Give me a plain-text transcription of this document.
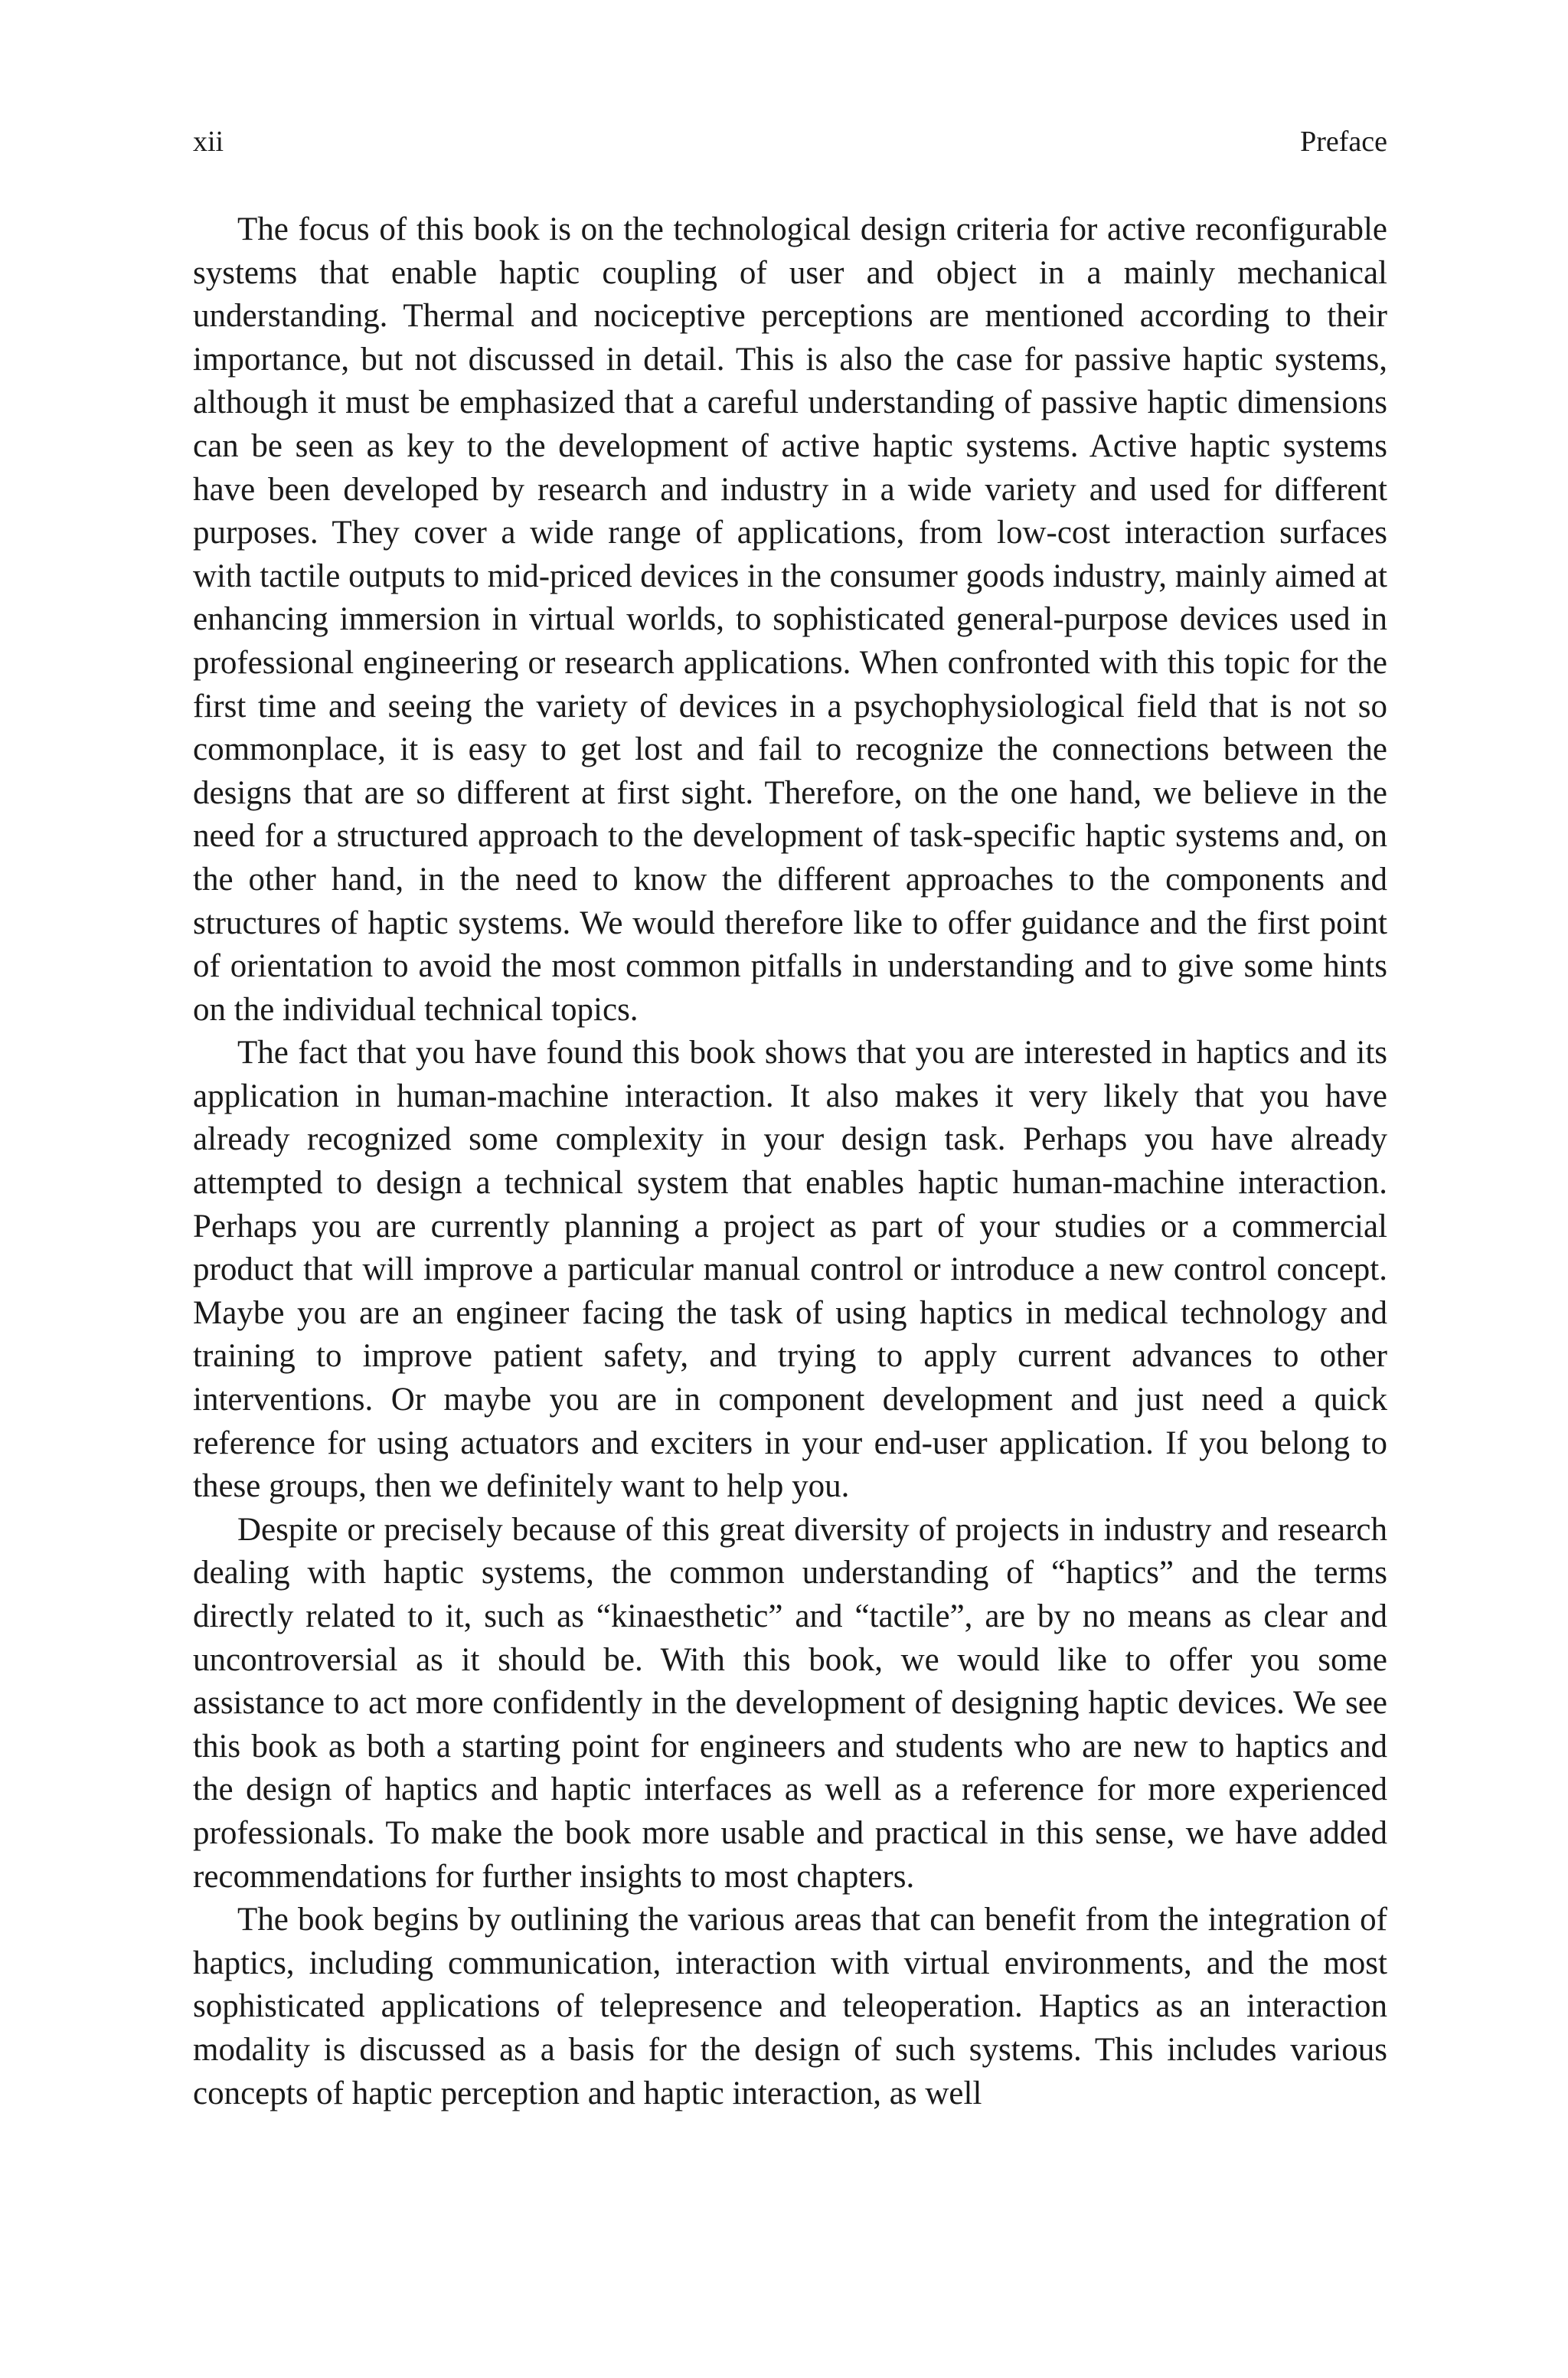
xii	Preface

The focus of this book is on the technological design criteria for active reconfigurable systems that enable haptic coupling of user and object in a mainly mechanical understanding. Thermal and nociceptive perceptions are mentioned according to their importance, but not discussed in detail. This is also the case for passive haptic systems, although it must be emphasized that a careful understanding of passive haptic dimensions can be seen as key to the development of active haptic systems. Active haptic systems have been developed by research and industry in a wide variety and used for different purposes. They cover a wide range of applications, from low-cost interaction surfaces with tactile outputs to mid-priced devices in the consumer goods industry, mainly aimed at enhancing immersion in virtual worlds, to sophisticated general-purpose devices used in professional engineering or research applications. When confronted with this topic for the first time and seeing the variety of devices in a psychophysiological field that is not so commonplace, it is easy to get lost and fail to recognize the connections between the designs that are so different at first sight. Therefore, on the one hand, we believe in the need for a structured approach to the development of task-specific haptic systems and, on the other hand, in the need to know the different approaches to the components and structures of haptic systems. We would therefore like to offer guidance and the first point of orientation to avoid the most common pitfalls in understanding and to give some hints on the individual technical topics.

The fact that you have found this book shows that you are interested in haptics and its application in human-machine interaction. It also makes it very likely that you have already recognized some complexity in your design task. Perhaps you have already attempted to design a technical system that enables haptic human-machine interaction. Perhaps you are currently planning a project as part of your studies or a commercial product that will improve a particular manual control or introduce a new control concept. Maybe you are an engineer facing the task of using haptics in medical technology and training to improve patient safety, and trying to apply current advances to other interventions. Or maybe you are in component development and just need a quick reference for using actuators and exciters in your end-user application. If you belong to these groups, then we definitely want to help you.

Despite or precisely because of this great diversity of projects in industry and research dealing with haptic systems, the common understanding of “haptics” and the terms directly related to it, such as “kinaesthetic” and “tactile”, are by no means as clear and uncontroversial as it should be. With this book, we would like to offer you some assistance to act more confidently in the development of designing haptic devices. We see this book as both a starting point for engineers and students who are new to haptics and the design of haptics and haptic interfaces as well as a reference for more experienced professionals. To make the book more usable and practical in this sense, we have added recommendations for further insights to most chapters.

The book begins by outlining the various areas that can benefit from the integration of haptics, including communication, interaction with virtual environments, and the most sophisticated applications of telepresence and teleoperation. Haptics as an interaction modality is discussed as a basis for the design of such systems. This includes various concepts of haptic perception and haptic interaction, as well
